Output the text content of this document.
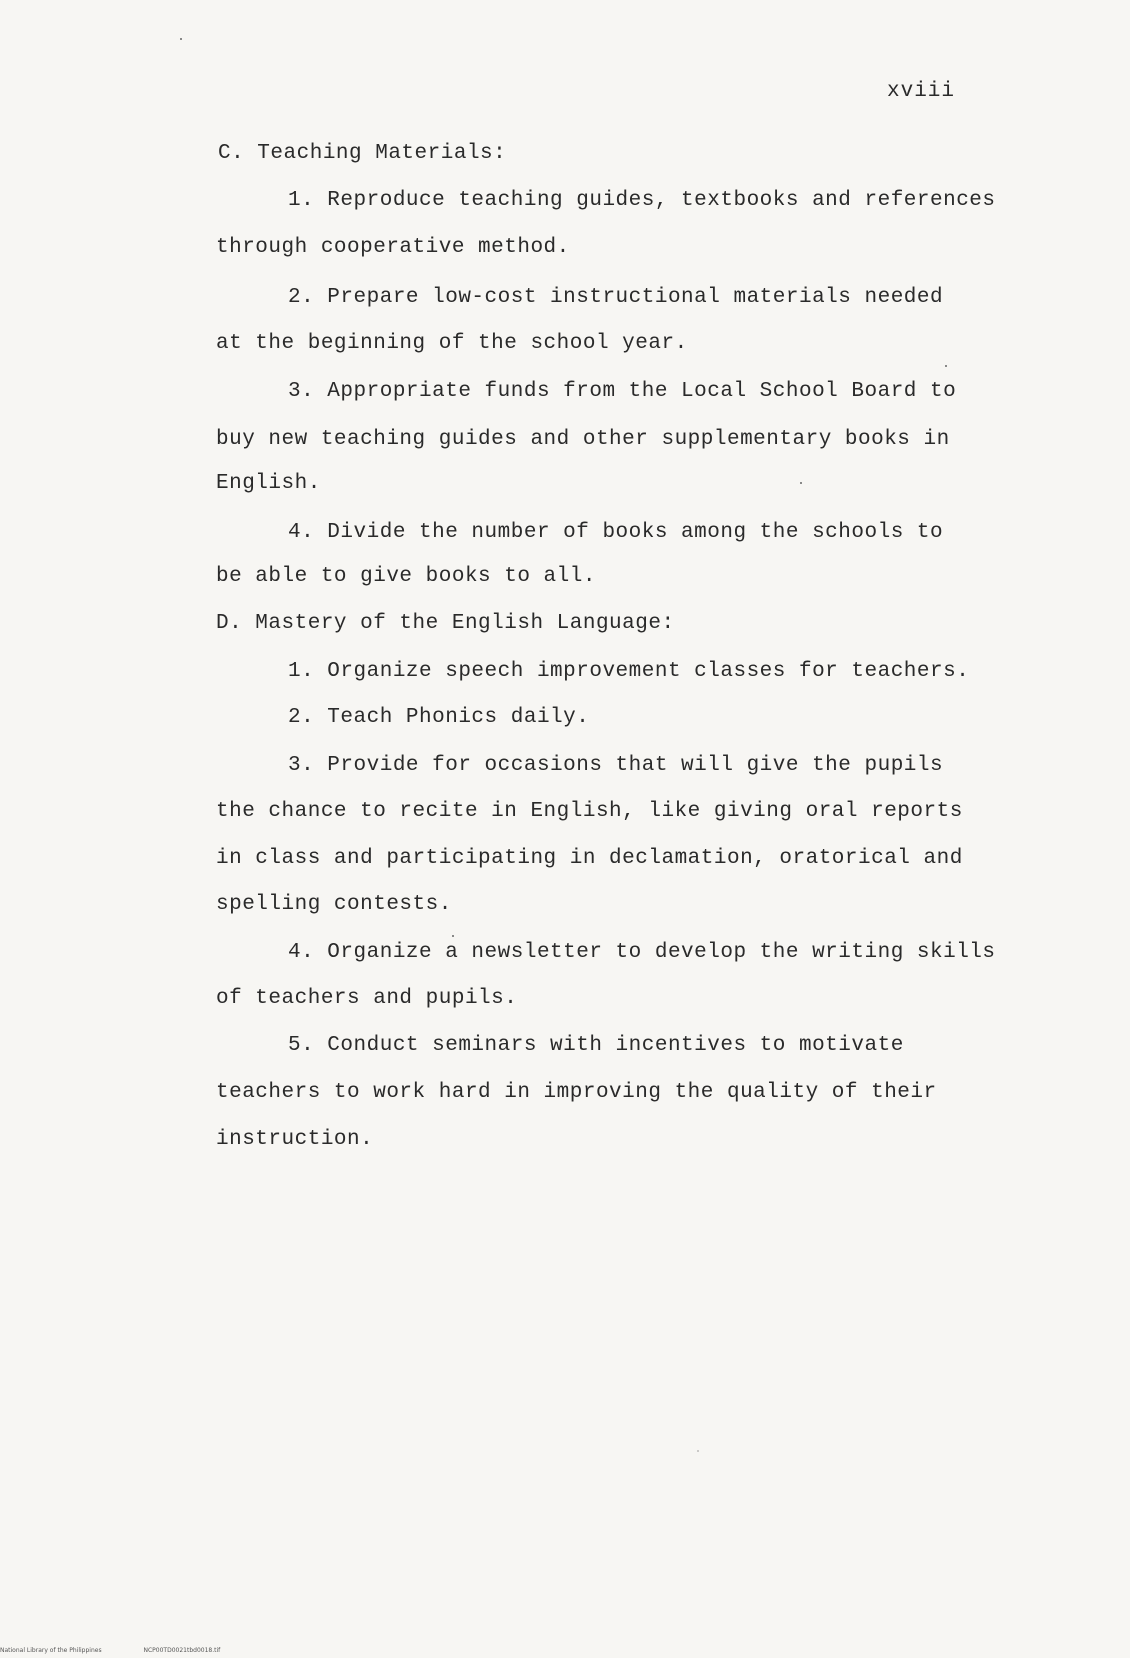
xviii
C. Teaching Materials:
1. Reproduce teaching guides, textbooks and references
through cooperative method.
2. Prepare low-cost instructional materials needed
at the beginning of the school year.
3. Appropriate funds from the Local School Board to
buy new teaching guides and other supplementary books in
English.
4. Divide the number of books among the schools to
be able to give books to all.
D. Mastery of the English Language:
1. Organize speech improvement classes for teachers.
2. Teach Phonics daily.
3. Provide for occasions that will give the pupils
the chance to recite in English, like giving oral reports
in class and participating in declamation, oratorical and
spelling contests.
4. Organize a newsletter to develop the writing skills
of teachers and pupils.
5. Conduct seminars with incentives to motivate
teachers to work hard in improving the quality of their
instruction.
National Library of the Philippines	NCP00TD0021tbd0018.tif
